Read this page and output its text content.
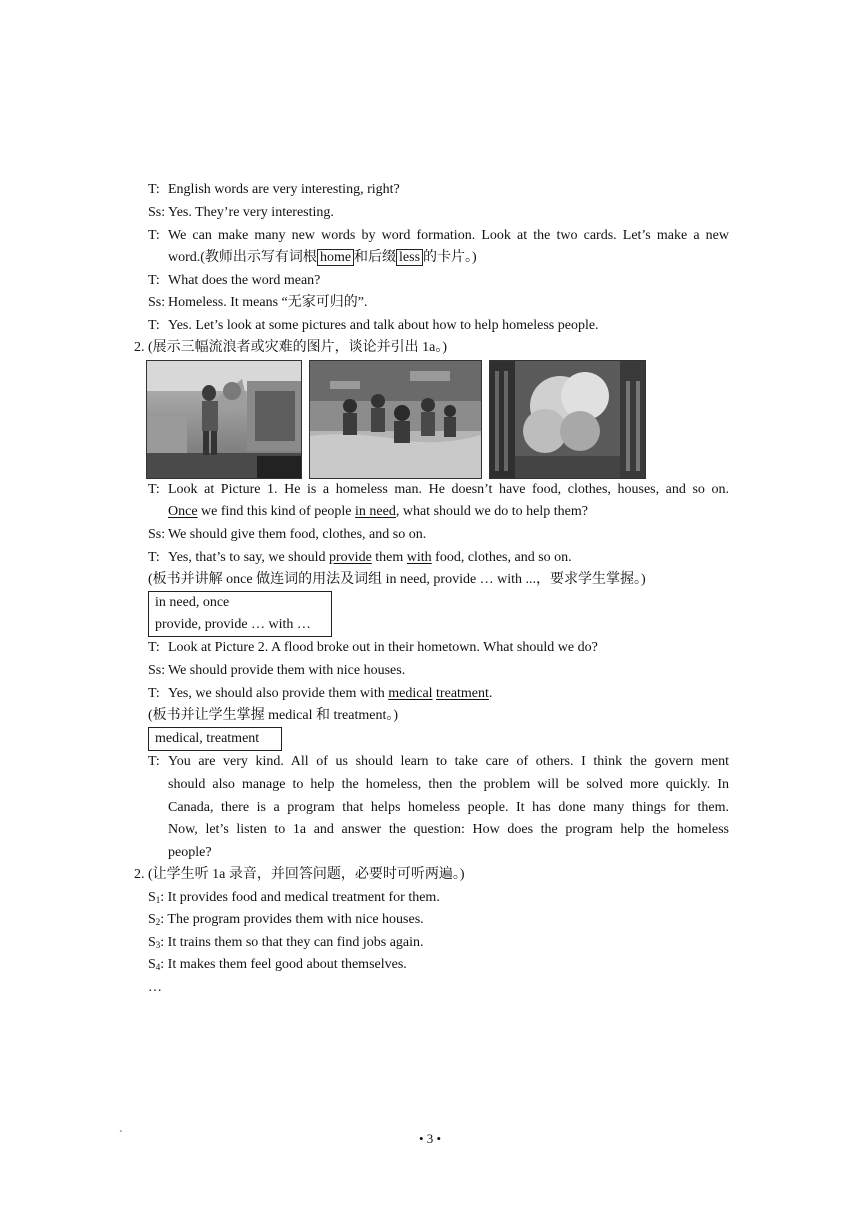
T: English words are very interesting, right?
Ss: Yes. They’re very interesting.
T: We can make many new words by word formation. Look at the two cards. Let’s make a new
word.(教师出示写有词根 home 和后缀 less 的卡片。)
T: What does the word mean?
Ss: Homeless. It means “无家可归的”.
T: Yes. Let’s look at some pictures and talk about how to help homeless people.
2. (展示三幅流浪者或灾难的图片，谈论并引出 1a。)
T: Look at Picture 1. He is a homeless man. He doesn’t have food, clothes, houses, and so on.
Once we find this kind of people in need, what should we do to help them?
Ss: We should give them food, clothes, and so on.
T: Yes, that’s to say, we should provide them with food, clothes, and so on.
(板书并讲解 once 做连词的用法及词组 in need, provide … with ...，要求学生掌握。)
in need, once
provide, provide … with …
T: Look at Picture 2. A flood broke out in their hometown. What should we do?
Ss: We should provide them with nice houses.
T: Yes, we should also provide them with medical treatment.
(板书并让学生掌握 medical 和 treatment。)
medical, treatment
T: You are very kind. All of us should learn to take care of others. I think the govern ment
should also manage to help the homeless, then the problem will be solved more quickly. In
Canada, there is a program that helps homeless people. It has done many things for them.
Now, let’s listen to 1a and answer the question: How does the program help the homeless
people?
2. (让学生听 1a 录音，并回答问题，必要时可听两遍。)
$S_1$: It provides food and medical treatment for them.
$S_2$: The program provides them with nice houses.
$S_3$: It trains them so that they can find jobs again.
$S_4$: It makes them feel good about themselves.
…
`	• 3 •
